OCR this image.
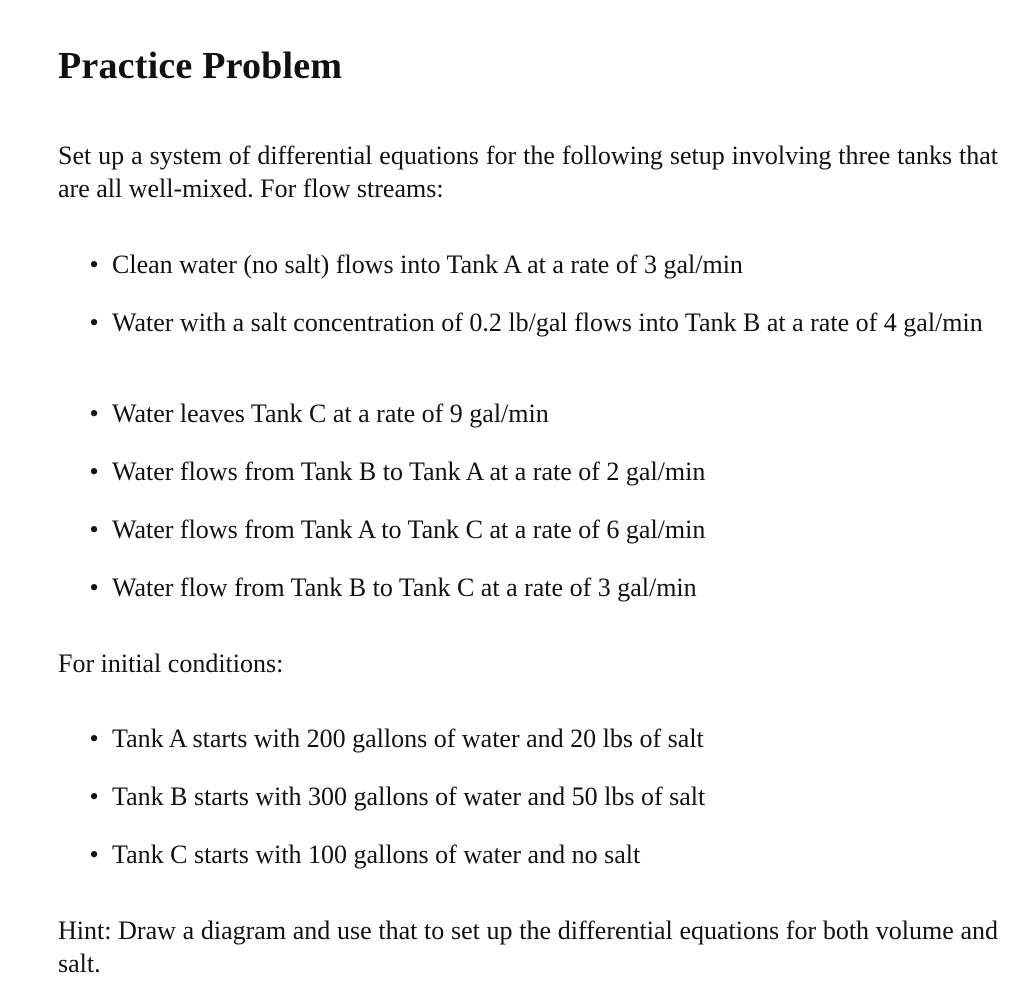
Practice Problem

Set up a system of differential equations for the following setup involving three tanks that are all well-mixed. For flow streams:

• Clean water (no salt) flows into Tank A at a rate of 3 gal/min
• Water with a salt concentration of 0.2 lb/gal flows into Tank B at a rate of 4 gal/min
• Water leaves Tank C at a rate of 9 gal/min
• Water flows from Tank B to Tank A at a rate of 2 gal/min
• Water flows from Tank A to Tank C at a rate of 6 gal/min
• Water flow from Tank B to Tank C at a rate of 3 gal/min

For initial conditions:

• Tank A starts with 200 gallons of water and 20 lbs of salt
• Tank B starts with 300 gallons of water and 50 lbs of salt
• Tank C starts with 100 gallons of water and no salt

Hint: Draw a diagram and use that to set up the differential equations for both volume and salt.
